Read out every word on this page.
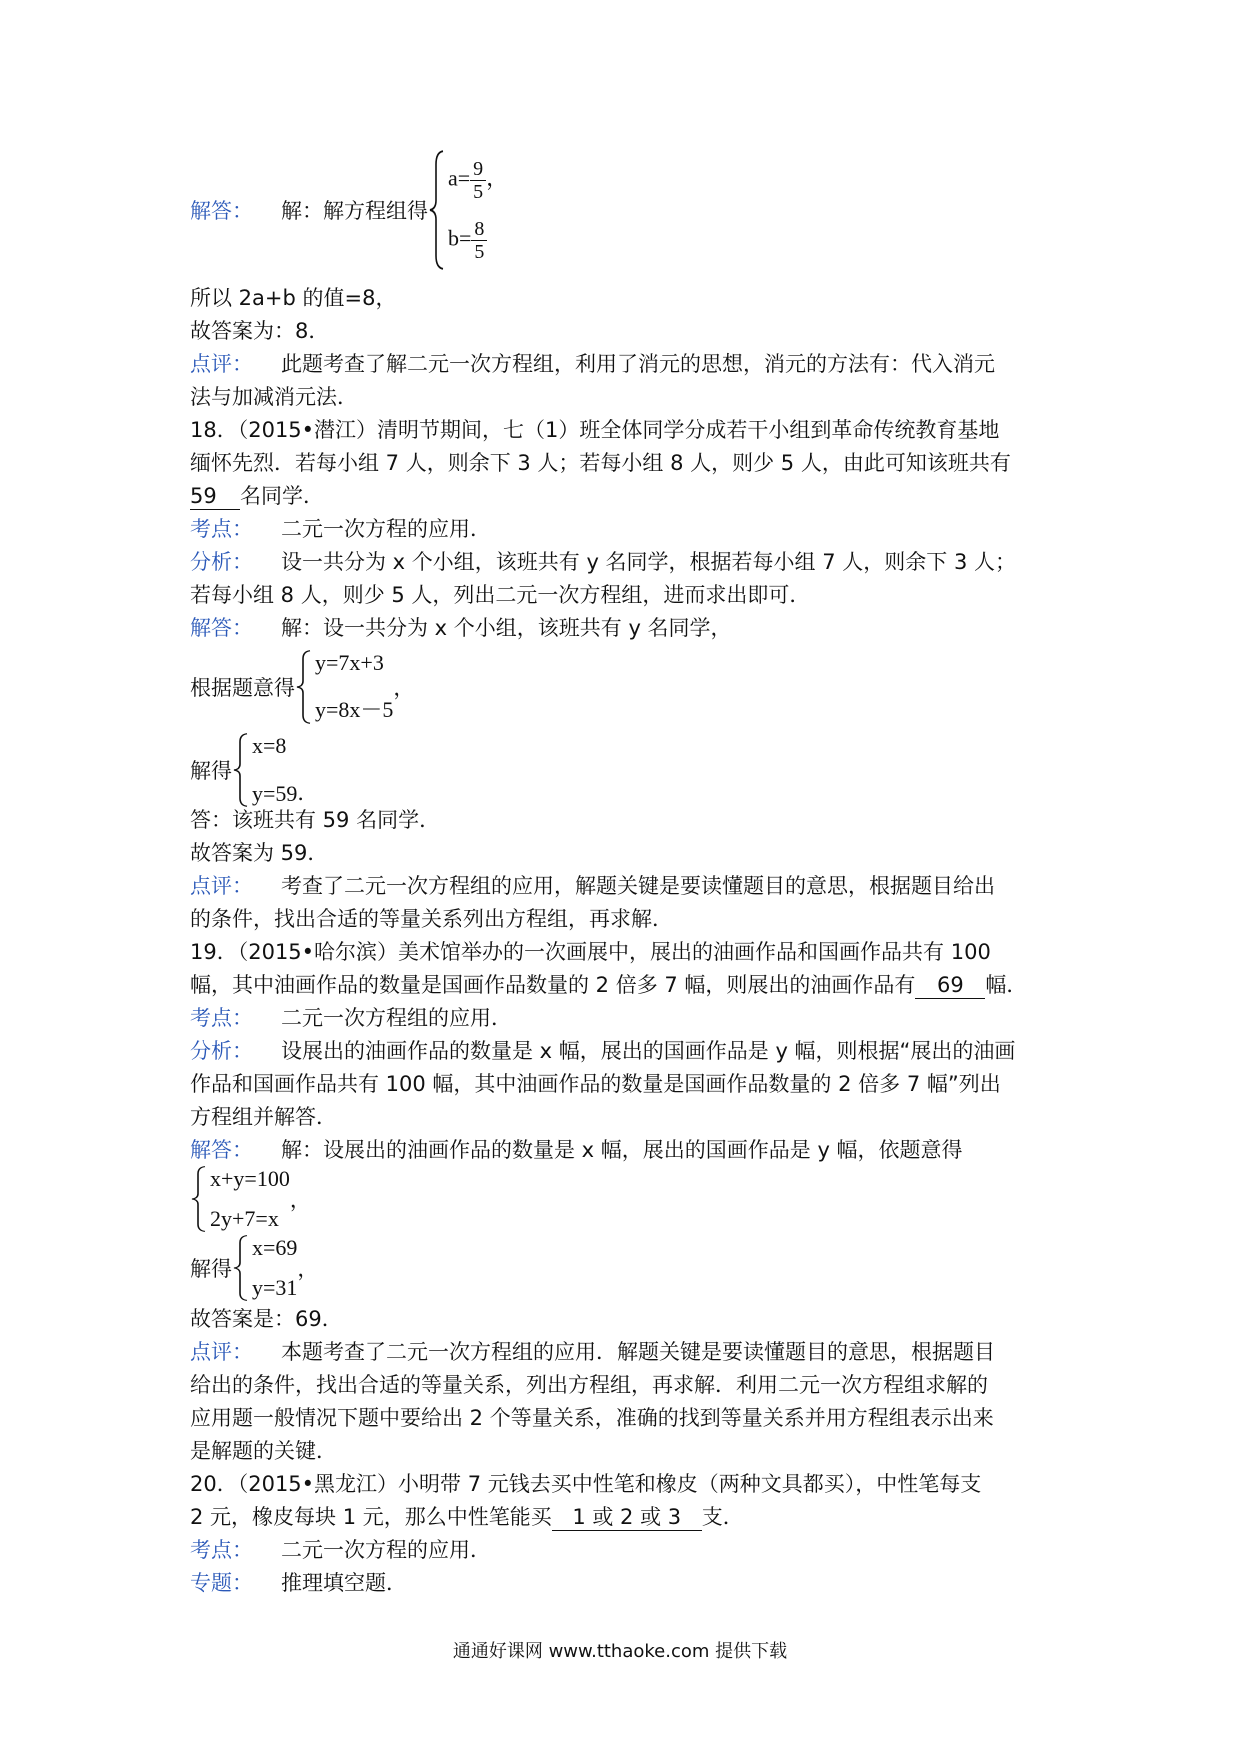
解答： 解：解方程组得
$a= \frac{9}{5}$ ，
$b= \frac{8}{5}$
所以 2a+b 的值=8，
故答案为：8．
点评： 此题考查了解二元一次方程组，利用了消元的思想，消元的方法有：代入消元
法与加减消元法．
18．（2015•潜江）清明节期间，七（1）班全体同学分成若干小组到革命传统教育基地
缅怀先烈．若每小组 7 人，则余下 3 人；若每小组 8 人，则少 5 人，由此可知该班共有
59 名同学．
考点： 二元一次方程的应用．
分析： 设一共分为 x 个小组，该班共有 y 名同学，根据若每小组 7 人，则余下 3 人；
若每小组 8 人，则少 5 人，列出二元一次方程组，进而求出即可．
解答： 解：设一共分为 x 个小组，该班共有 y 名同学，
根据题意得
y=7x+3
y=8x－5
，
解得
x=8
y=59 ．
答：该班共有 59 名同学．
故答案为 59．
点评： 考查了二元一次方程组的应用，解题关键是要读懂题目的意思，根据题目给出
的条件，找出合适的等量关系列出方程组，再求解．
19．（2015•哈尔滨）美术馆举办的一次画展中，展出的油画作品和国画作品共有 100
幅，其中油画作品的数量是国画作品数量的 2 倍多 7 幅，则展出的油画作品有 69 幅．
考点： 二元一次方程组的应用．
分析： 设展出的油画作品的数量是 x 幅，展出的国画作品是 y 幅，则根据“展出的油画
作品和国画作品共有 100 幅，其中油画作品的数量是国画作品数量的 2 倍多 7 幅”列出
方程组并解答．
解答： 解：设展出的油画作品的数量是 x 幅，展出的国画作品是 y 幅，依题意得
x+y=100
2y+7=x
，
解得
x=69
y=31
，
故答案是：69．
点评： 本题考查了二元一次方程组的应用．解题关键是要读懂题目的意思，根据题目
给出的条件，找出合适的等量关系，列出方程组，再求解．利用二元一次方程组求解的
应用题一般情况下题中要给出 2 个等量关系，准确的找到等量关系并用方程组表示出来
是解题的关键．
20．（2015•黑龙江）小明带 7 元钱去买中性笔和橡皮（两种文具都买），中性笔每支
2 元，橡皮每块 1 元，那么中性笔能买 1 或 2 或 3 支．
考点： 二元一次方程的应用．
专题： 推理填空题．
通通好课网 www.tthaoke.com 提供下载
